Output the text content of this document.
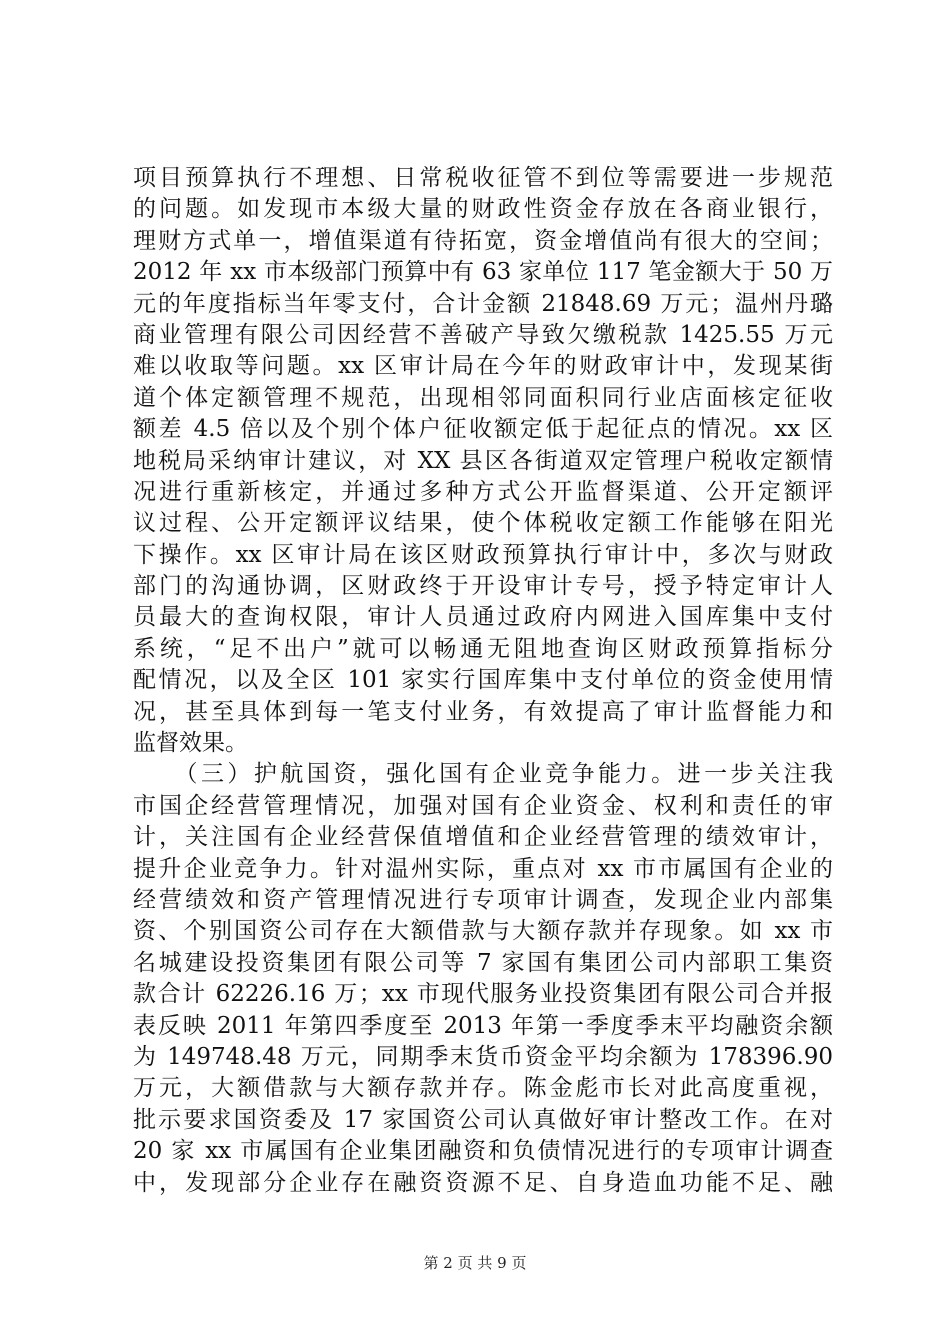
项目预算执行不理想、日常税收征管不到位等需要进一步规范
的问题。如发现市本级大量的财政性资金存放在各商业银行，
理财方式单一，增值渠道有待拓宽，资金增值尚有很大的空间；
2012 年 xx 市本级部门预算中有 63 家单位 117 笔金额大于 50 万
元的年度指标当年零支付，合计金额 21848.69 万元；温州丹璐
商业管理有限公司因经营不善破产导致欠缴税款 1425.55 万元
难以收取等问题。xx 区审计局在今年的财政审计中，发现某街
道个体定额管理不规范，出现相邻同面积同行业店面核定征收
额差 4.5 倍以及个别个体户征收额定低于起征点的情况。xx 区
地税局采纳审计建议，对 XX 县区各街道双定管理户税收定额情
况进行重新核定，并通过多种方式公开监督渠道、公开定额评
议过程、公开定额评议结果，使个体税收定额工作能够在阳光
下操作。xx 区审计局在该区财政预算执行审计中，多次与财政
部门的沟通协调，区财政终于开设审计专号，授予特定审计人
员最大的查询权限，审计人员通过政府内网进入国库集中支付
系统，“足不出户”就可以畅通无阻地查询区财政预算指标分
配情况，以及全区 101 家实行国库集中支付单位的资金使用情
况，甚至具体到每一笔支付业务，有效提高了审计监督能力和
监督效果。
　　（三）护航国资，强化国有企业竞争能力。进一步关注我
市国企经营管理情况，加强对国有企业资金、权利和责任的审
计，关注国有企业经营保值增值和企业经营管理的绩效审计，
提升企业竞争力。针对温州实际，重点对 xx 市市属国有企业的
经营绩效和资产管理情况进行专项审计调查，发现企业内部集
资、个别国资公司存在大额借款与大额存款并存现象。如 xx 市
名城建设投资集团有限公司等 7 家国有集团公司内部职工集资
款合计 62226.16 万；xx 市现代服务业投资集团有限公司合并报
表反映 2011 年第四季度至 2013 年第一季度季末平均融资余额
为 149748.48 万元，同期季末货币资金平均余额为 178396.90
万元，大额借款与大额存款并存。陈金彪市长对此高度重视，
批示要求国资委及 17 家国资公司认真做好审计整改工作。在对
20 家 xx 市属国有企业集团融资和负债情况进行的专项审计调查
中，发现部分企业存在融资资源不足、自身造血功能不足、融
第 2 页 共 9 页
